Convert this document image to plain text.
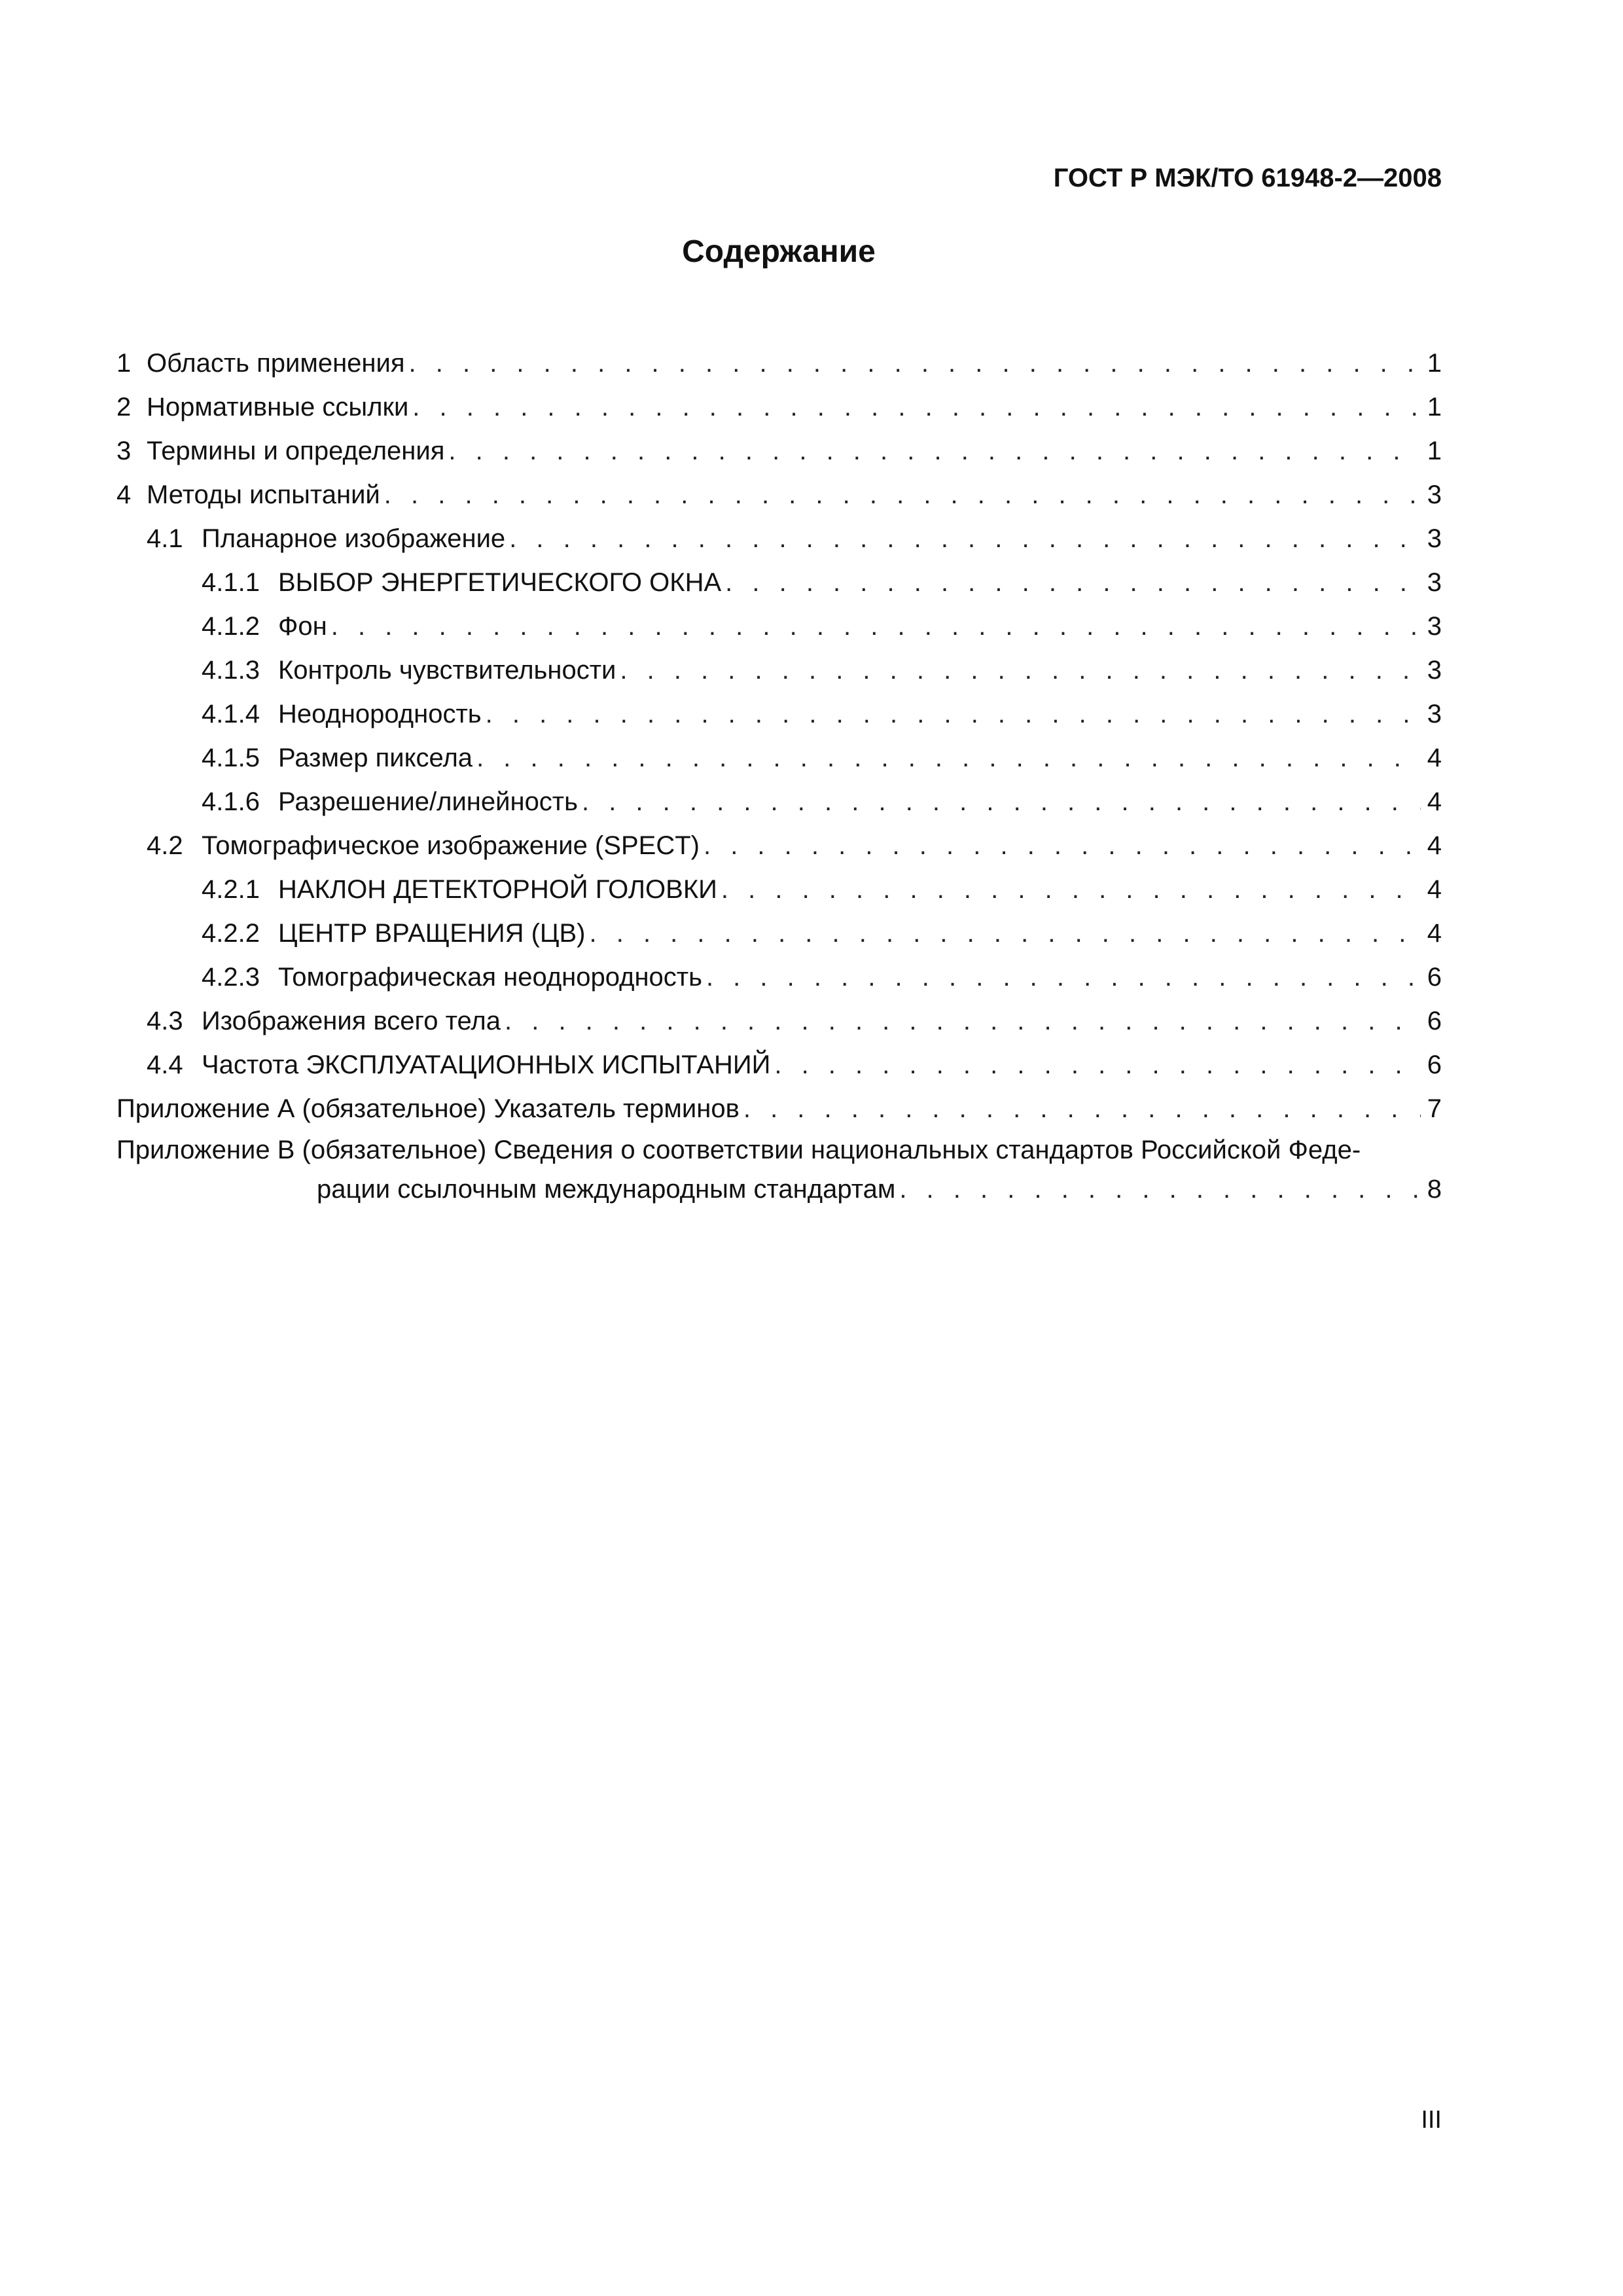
ГОСТ Р МЭК/ТО 61948-2—2008
Содержание
1 Область применения . . .	1
2 Нормативные ссылки . . .	1
3 Термины и определения . . .	1
4 Методы испытаний . . .	3
4.1 Планарное изображение . . .	3
4.1.1 ВЫБОР ЭНЕРГЕТИЧЕСКОГО ОКНА . . .	3
4.1.2 Фон . . .	3
4.1.3 Контроль чувствительности . . .	3
4.1.4 Неоднородность . . .	3
4.1.5 Размер пиксела . . .	4
4.1.6 Разрешение/линейность . . .	4
4.2 Томографическое изображение (SPECT) . . .	4
4.2.1 НАКЛОН ДЕТЕКТОРНОЙ ГОЛОВКИ . . .	4
4.2.2 ЦЕНТР ВРАЩЕНИЯ (ЦВ) . . .	4
4.2.3 Томографическая неоднородность . . .	6
4.3 Изображения всего тела . . .	6
4.4 Частота ЭКСПЛУАТАЦИОННЫХ ИСПЫТАНИЙ . . .	6
Приложение А (обязательное) Указатель терминов . . .	7
Приложение В (обязательное) Сведения о соответствии национальных стандартов Российской Феде-
рации ссылочным международным стандартам . . .	8
III
